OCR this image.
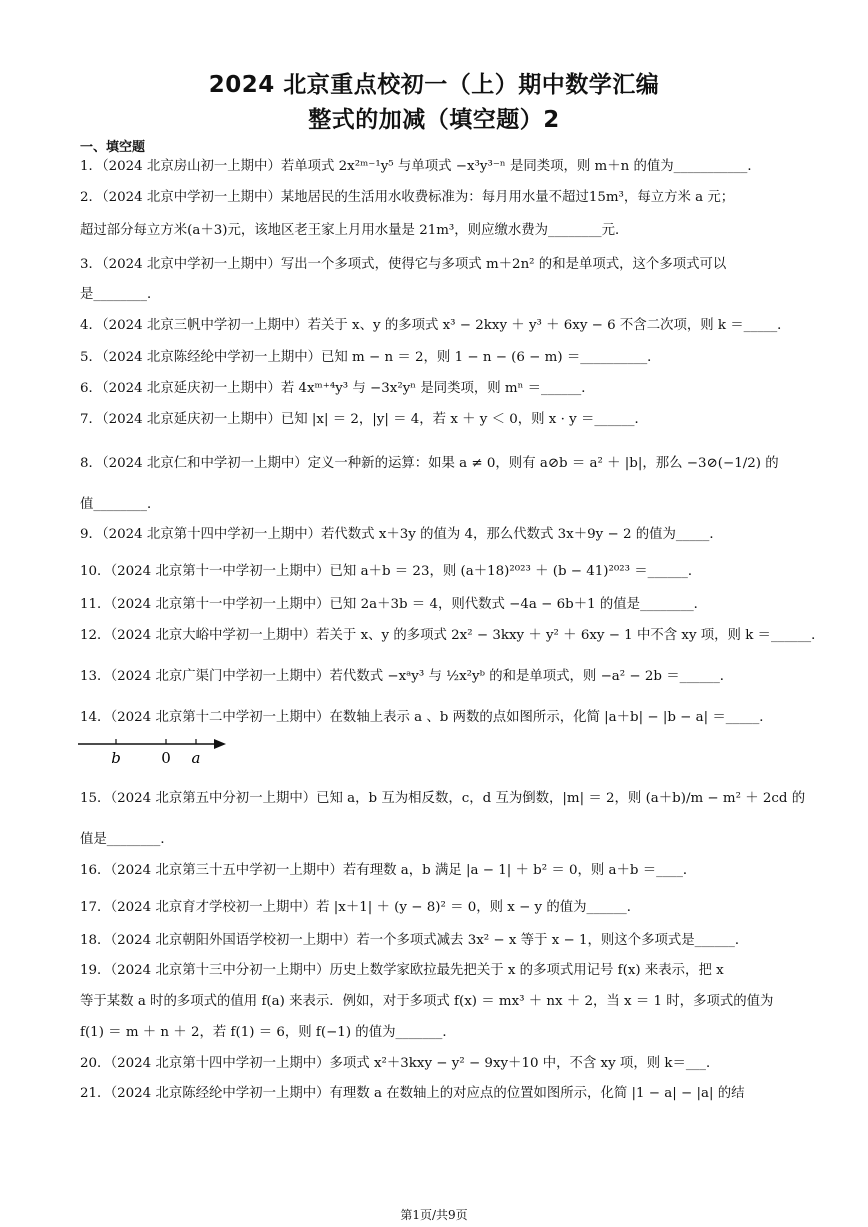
2024 北京重点校初一（上）期中数学汇编
整式的加减（填空题）2
一、填空题
1．（2024 北京房山初一上期中）若单项式 2x²ᵐ⁻¹y⁵ 与单项式 −x³y³⁻ⁿ 是同类项，则 m＋n 的值为___________．
2．（2024 北京中学初一上期中）某地居民的生活用水收费标准为：每月用水量不超过15m³，每立方米 a 元；
超过部分每立方米(a＋3)元，该地区老王家上月用水量是 21m³，则应缴水费为________元．
3．（2024 北京中学初一上期中）写出一个多项式，使得它与多项式 m＋2n² 的和是单项式，这个多项式可以
是________．
4．（2024 北京三帆中学初一上期中）若关于 x、y 的多项式 x³ − 2kxy ＋ y³ ＋ 6xy − 6 不含二次项，则 k ＝_____．
5．（2024 北京陈经纶中学初一上期中）已知 m − n ＝ 2，则 1 − n − (6 − m) ＝__________．
6．（2024 北京延庆初一上期中）若 4xᵐ⁺⁴y³ 与 −3x²yⁿ 是同类项，则 mⁿ ＝______．
7．（2024 北京延庆初一上期中）已知 |x| ＝ 2，|y| ＝ 4，若 x ＋ y ＜ 0，则 x · y ＝______．
8．（2024 北京仁和中学初一上期中）定义一种新的运算：如果 a ≠ 0，则有 a⊘b ＝ a² ＋ |b|，那么 −3⊘(−1/2) 的
值________．
9．（2024 北京第十四中学初一上期中）若代数式 x＋3y 的值为 4，那么代数式 3x＋9y − 2 的值为_____．
10．（2024 北京第十一中学初一上期中）已知 a＋b ＝ 23，则 (a＋18)²⁰²³ ＋ (b − 41)²⁰²³ ＝______．
11．（2024 北京第十一中学初一上期中）已知 2a＋3b ＝ 4，则代数式 −4a − 6b＋1 的值是________．
12．（2024 北京大峪中学初一上期中）若关于 x、y 的多项式 2x² − 3kxy ＋ y² ＋ 6xy − 1 中不含 xy 项，则 k ＝______．
13．（2024 北京广渠门中学初一上期中）若代数式 −xᵃy³ 与 ½x²yᵇ 的和是单项式，则 −a² − 2b ＝______．
14．（2024 北京第十二中学初一上期中）在数轴上表示 a 、b 两数的点如图所示，化简 |a＋b| − |b − a| ＝_____．
15．（2024 北京第五中分初一上期中）已知 a，b 互为相反数，c，d 互为倒数，|m| ＝ 2，则 (a＋b)/m − m² ＋ 2cd 的
值是________．
16．（2024 北京第三十五中学初一上期中）若有理数 a，b 满足 |a − 1| ＋ b² ＝ 0，则 a＋b ＝____．
17．（2024 北京育才学校初一上期中）若 |x＋1| ＋ (y − 8)² ＝ 0，则 x − y 的值为______．
18．（2024 北京朝阳外国语学校初一上期中）若一个多项式减去 3x² − x 等于 x − 1，则这个多项式是______．
19．（2024 北京第十三中分初一上期中）历史上数学家欧拉最先把关于 x 的多项式用记号 f(x) 来表示，把 x
等于某数 a 时的多项式的值用 f(a) 来表示．例如，对于多项式 f(x) ＝ mx³ ＋ nx ＋ 2，当 x ＝ 1 时，多项式的值为
f(1) ＝ m ＋ n ＋ 2，若 f(1) ＝ 6，则 f(−1) 的值为_______．
20．（2024 北京第十四中学初一上期中）多项式 x²＋3kxy − y² − 9xy＋10 中，不含 xy 项，则 k＝___．
21．（2024 北京陈经纶中学初一上期中）有理数 a 在数轴上的对应点的位置如图所示，化简 |1 − a| − |a| 的结
b	0 a
第1页/共9页
